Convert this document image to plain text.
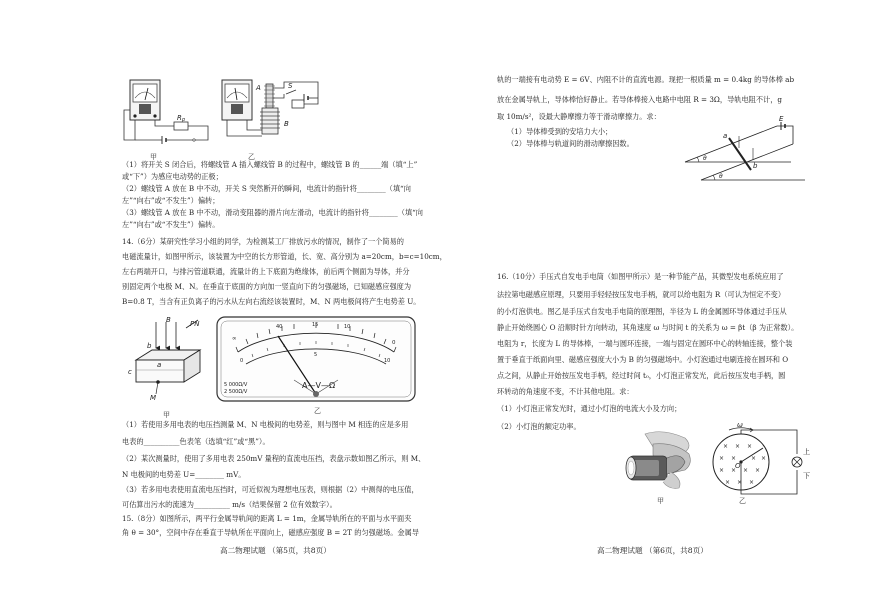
R p
甲
A	S
B
乙
（1）将开关 S 闭合后，将螺线管 A 插入螺线管 B 的过程中，螺线管 B 的______端（填“上”
或“下”）为感应电动势的正极；
（2）螺线管 A 放在 B 中不动，开关 S 突然断开的瞬间，电流计的指针将________（填“向
左”“向右”或“不发生”）偏转；
（3）螺线管 A 放在 B 中不动，滑动变阻器的滑片向左滑动，电流计的指针将________（填“向
左”“向右”或“不发生”）偏转。
14.（6分）某研究性学习小组的同学，为检测某工厂排放污水的情况，制作了一个简易的
电磁流量计，如图甲所示，该装置为中空的长方形管道，长、宽、高分别为 a=20cm，b=c=10cm，
左右两端开口，与排污管道联通，流量计的上下底面为绝缘体，前后两个侧面为导体，并分
别固定两个电极 M、N。在垂直于底面的方向加一竖直向下的匀强磁场，已知磁感应强度为
B=0.8 T，当含有正负离子的污水从左向右流经该装置时，M、N 两电极间将产生电势差 U。
b
c
a
PN
M
B
甲
∞
0
40	15	10
0
5
10
A—V—Ω
5 000Ω/V
2 500Ω/V
乙
（1）若使用多用电表的电压挡测量 M、N 电极间的电势差，则与图中 M 相连的应是多用
电表的__________色表笔（选填“红”或“黑”）。
（2）某次测量时，使用了多用电表 250mV 量程的直流电压挡，表盘示数如图乙所示，则 M、
N 电极间的电势差 U=________ mV。
（3）若多用电表使用直流电压挡时，可近似视为理想电压表，则根据（2）中测得的电压值，
可估算出污水的流速为__________ m/s（结果保留 2 位有效数字）。
15.（8分）如图所示，两平行金属导轨间的距离 L = 1m，金属导轨所在的平面与水平面夹
角 θ = 30°，空间中存在垂直于导轨所在平面向上，磁感应强度 B = 2T 的匀强磁场。金属导
高二物理试题 （第5页，共8页）
轨的一端接有电动势 E = 6V、内阻不计的直流电源。现把一根质量 m = 0.4kg 的导体棒 ab
放在金属导轨上，导体棒恰好静止。若导体棒接入电路中电阻 R = 3Ω，导轨电阻不计，g
取 10m/s²，设最大静摩擦力等于滑动摩擦力。求：
（1）导体棒受到的安培力大小；
（2）导体棒与轨道间的滑动摩擦因数。
a
b
E
θ
θ
16.（10分）手压式自发电手电筒（如图甲所示）是一种节能产品，其微型发电系统应用了
法拉第电磁感应原理，只要用手轻轻按压发电手柄，就可以给电阻为 R（可认为恒定不变）
的小灯泡供电。图乙是手压式自发电手电筒的原理图，半径为 L 的金属圆环导体通过手压从
静止开始绕圆心 O 沿顺时针方向转动，其角速度 ω 与时间 t 的关系为 ω = βt（β 为正常数）。
电阻为 r，长度为 L 的导体棒，一端与圆环连接，一端与固定在圆环中心的转轴连接，整个装
置于垂直于纸面向里、磁感应强度大小为 B 的匀强磁场中。小灯泡通过电刷连接在圆环和 O
点之间，从静止开始按压发电手柄，经过时间 t₀，小灯泡正常发光，此后按压发电手柄，圆
环转动的角速度不变，不计其他电阻。求：
（1）小灯泡正常发光时，通过小灯泡的电流大小及方向；
（2）小灯泡的额定功率。
甲
× × ×
× × × ×
× × × ×
× × ×
ω
O
上
下
乙
高二物理试题 （第6页，共8页）
